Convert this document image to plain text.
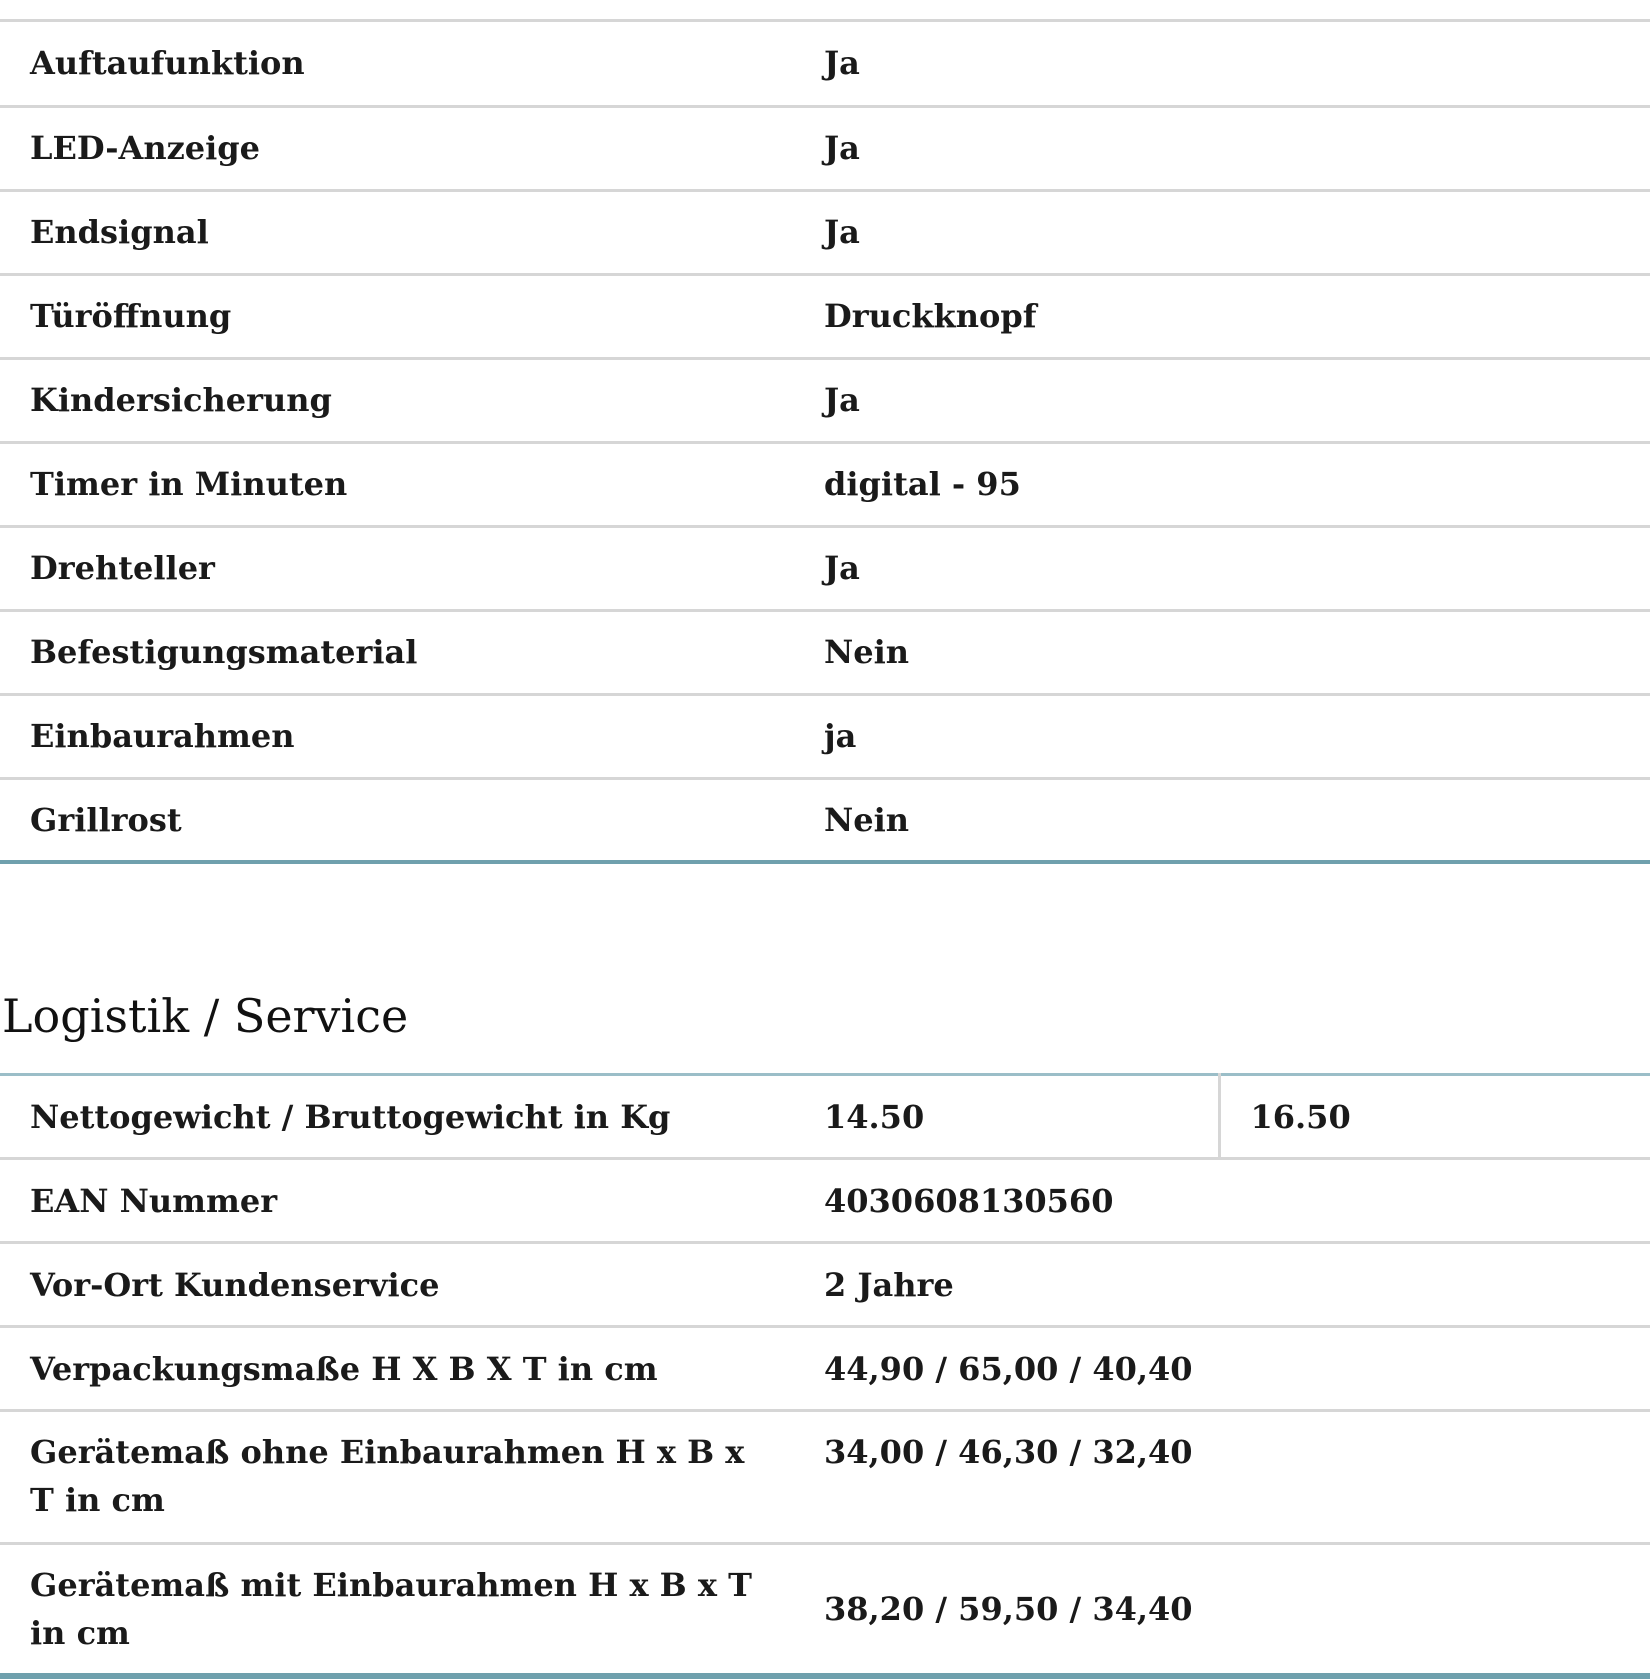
Auftaufunktion	Ja
LED-Anzeige	Ja
Endsignal	Ja
Türöffnung	Druckknopf
Kindersicherung	Ja
Timer in Minuten	digital - 95
Drehteller	Ja
Befestigungsmaterial	Nein
Einbaurahmen	ja
Grillrost	Nein
Logistik / Service
Nettogewicht / Bruttogewicht in Kg	14.50	16.50
EAN Nummer	4030608130560	
Vor-Ort Kundenservice	2 Jahre	
Verpackungsmaße H X B X T in cm	44,90 / 65,00 / 40,40	
Gerätemaß ohne Einbaurahmen H x B x T in cm	34,00 / 46,30 / 32,40	
Gerätemaß mit Einbaurahmen H x B x T in cm	38,20 / 59,50 / 34,40	
